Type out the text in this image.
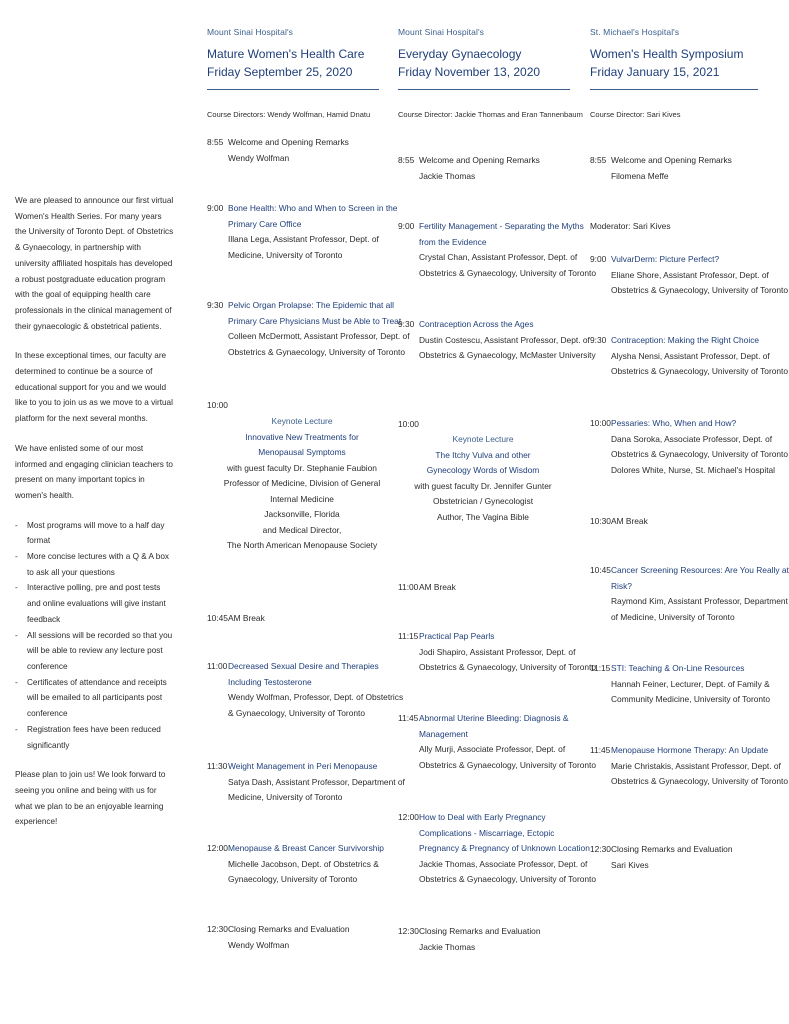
We are pleased to announce our first virtual Women's Health Series. For many years the University of Toronto Dept. of Obstetrics & Gynaecology, in partnership with university affiliated hospitals has developed a robust postgraduate education program with the goal of equipping health care professionals in the clinical management of their gynaecologic & obstetrical patients.

In these exceptional times, our faculty are determined to continue be a source of educational support for you and we would like to you to join us as we move to a virtual platform for the next several months.

We have enlisted some of our most informed and engaging clinician teachers to present on many important topics in women's health.

- Most programs will move to a half day format
- More concise lectures with a Q & A box to ask all your questions
- Interactive polling, pre and post tests and online evaluations will give instant feedback
- All sessions will be recorded so that you will be able to review any lecture post conference
- Certificates of attendance and receipts will be emailed to all participants post conference
- Registration fees have been reduced significantly

Please plan to join us! We look forward to seeing you online and being with us for what we plan to be an enjoyable learning experience!

Mount Sinai Hospital's
Mature Women's Health Care
Friday September 25, 2020
Course Directors: Wendy Wolfman, Hamid Dnatu
8:55 Welcome and Opening Remarks
Wendy Wolfman
9:00 Bone Health: Who and When to Screen in the
Primary Care Office
Illana Lega, Assistant Professor, Dept. of
Medicine, University of Toronto
9:30 Pelvic Organ Prolapse: The Epidemic that all
Primary Care Physicians Must be Able to Treat
Colleen McDermott, Assistant Professor, Dept. of
Obstetrics & Gynaecology, University of Toronto
10:00
Keynote Lecture
Innovative New Treatments for
Menopausal Symptoms
with guest faculty Dr. Stephanie Faubion
Professor of Medicine, Division of General
Internal Medicine
Jacksonville, Florida
and Medical Director,
The North American Menopause Society
10:45 AM Break
11:00 Decreased Sexual Desire and Therapies
Including Testosterone
Wendy Wolfman, Professor, Dept. of Obstetrics
& Gynaecology, University of Toronto
11:30 Weight Management in Peri Menopause
Satya Dash, Assistant Professor, Department of
Medicine, University of Toronto
12:00 Menopause & Breast Cancer Survivorship
Michelle Jacobson, Dept. of Obstetrics &
Gynaecology, University of Toronto
12:30 Closing Remarks and Evaluation
Wendy Wolfman
Mount Sinai Hospital's
Everyday Gynaecology
Friday November 13, 2020
Course Director: Jackie Thomas and Eran Tannenbaum
8:55 Welcome and Opening Remarks
Jackie Thomas
9:00 Fertility Management - Separating the Myths
from the Evidence
Crystal Chan, Assistant Professor, Dept. of
Obstetrics & Gynaecology, University of Toronto
9:30 Contraception Across the Ages
Dustin Costescu, Assistant Professor, Dept. of
Obstetrics & Gynaecology, McMaster University
10:00
Keynote Lecture
The Itchy Vulva and other
Gynecology Words of Wisdom
with guest faculty Dr. Jennifer Gunter
Obstetrician / Gynecologist
Author, The Vagina Bible
11:00 AM Break
11:15 Practical Pap Pearls
Jodi Shapiro, Assistant Professor, Dept. of
Obstetrics & Gynaecology, University of Toronto
11:45 Abnormal Uterine Bleeding: Diagnosis &
Management
Ally Murji, Associate Professor, Dept. of
Obstetrics & Gynaecology, University of Toronto
12:00 How to Deal with Early Pregnancy
Complications - Miscarriage, Ectopic
Pregnancy & Pregnancy of Unknown Location
Jackie Thomas, Associate Professor, Dept. of
Obstetrics & Gynaecology, University of Toronto
12:30 Closing Remarks and Evaluation
Jackie Thomas
St. Michael's Hospital's
Women's Health Symposium
Friday January 15, 2021
Course Director: Sari Kives
8:55 Welcome and Opening Remarks
Filomena Meffe
Moderator: Sari Kives
9:00 VulvarDerm: Picture Perfect?
Eliane Shore, Assistant Professor, Dept. of
Obstetrics & Gynaecology, University of Toronto
9:30 Contraception: Making the Right Choice
Alysha Nensi, Assistant Professor, Dept. of
Obstetrics & Gynaecology, University of Toronto
10:00 Pessaries: Who, When and How?
Dana Soroka, Associate Professor, Dept. of
Obstetrics & Gynaecology, University of Toronto
Dolores White, Nurse, St. Michael's Hospital
10:30 AM Break
10:45 Cancer Screening Resources: Are You Really at
Risk?
Raymond Kim, Assistant Professor, Department
of Medicine, University of Toronto
11:15 STI: Teaching & On-Line Resources
Hannah Feiner, Lecturer, Dept. of Family &
Community Medicine, University of Toronto
11:45 Menopause Hormone Therapy: An Update
Marie Christakis, Assistant Professor, Dept. of
Obstetrics & Gynaecology, University of Toronto
12:30 Closing Remarks and Evaluation
Sari Kives
